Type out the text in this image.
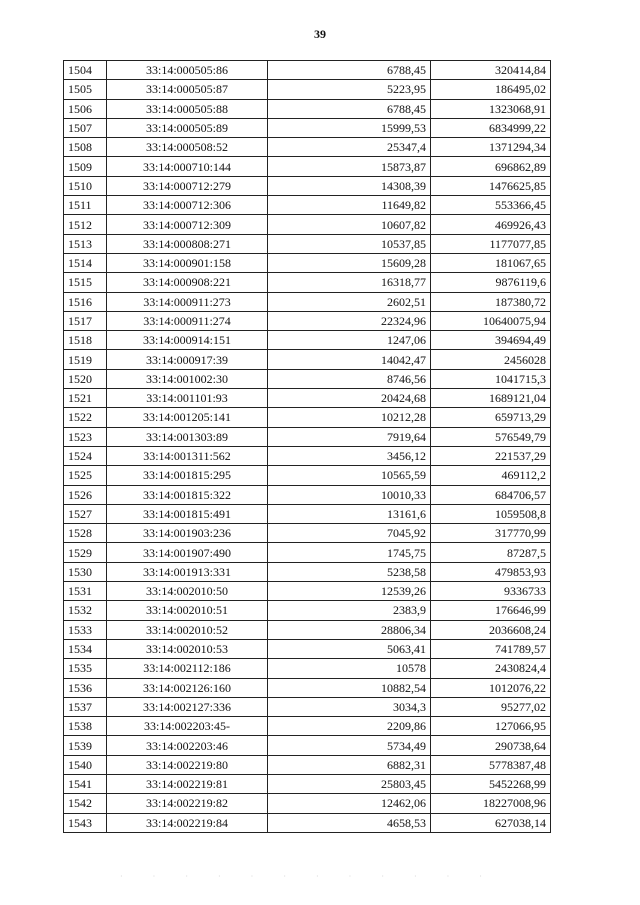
39
1504	33:14:000505:86	6788,45	320414,84
1505	33:14:000505:87	5223,95	186495,02
1506	33:14:000505:88	6788,45	1323068,91
1507	33:14:000505:89	15999,53	6834999,22
1508	33:14:000508:52	25347,4	1371294,34
1509	33:14:000710:144	15873,87	696862,89
1510	33:14:000712:279	14308,39	1476625,85
1511	33:14:000712:306	11649,82	553366,45
1512	33:14:000712:309	10607,82	469926,43
1513	33:14:000808:271	10537,85	1177077,85
1514	33:14:000901:158	15609,28	181067,65
1515	33:14:000908:221	16318,77	9876119,6
1516	33:14:000911:273	2602,51	187380,72
1517	33:14:000911:274	22324,96	10640075,94
1518	33:14:000914:151	1247,06	394694,49
1519	33:14:000917:39	14042,47	2456028
1520	33:14:001002:30	8746,56	1041715,3
1521	33:14:001101:93	20424,68	1689121,04
1522	33:14:001205:141	10212,28	659713,29
1523	33:14:001303:89	7919,64	576549,79
1524	33:14:001311:562	3456,12	221537,29
1525	33:14:001815:295	10565,59	469112,2
1526	33:14:001815:322	10010,33	684706,57
1527	33:14:001815:491	13161,6	1059508,8
1528	33:14:001903:236	7045,92	317770,99
1529	33:14:001907:490	1745,75	87287,5
1530	33:14:001913:331	5238,58	479853,93
1531	33:14:002010:50	12539,26	9336733
1532	33:14:002010:51	2383,9	176646,99
1533	33:14:002010:52	28806,34	2036608,24
1534	33:14:002010:53	5063,41	741789,57
1535	33:14:002112:186	10578	2430824,4
1536	33:14:002126:160	10882,54	1012076,22
1537	33:14:002127:336	3034,3	95277,02
1538	33:14:002203:45-	2209,86	127066,95
1539	33:14:002203:46	5734,49	290738,64
1540	33:14:002219:80	6882,31	5778387,48
1541	33:14:002219:81	25803,45	5452268,99
1542	33:14:002219:82	12462,06	18227008,96
1543	33:14:002219:84	4658,53	627038,14
· · · · · · · · · · · ·
